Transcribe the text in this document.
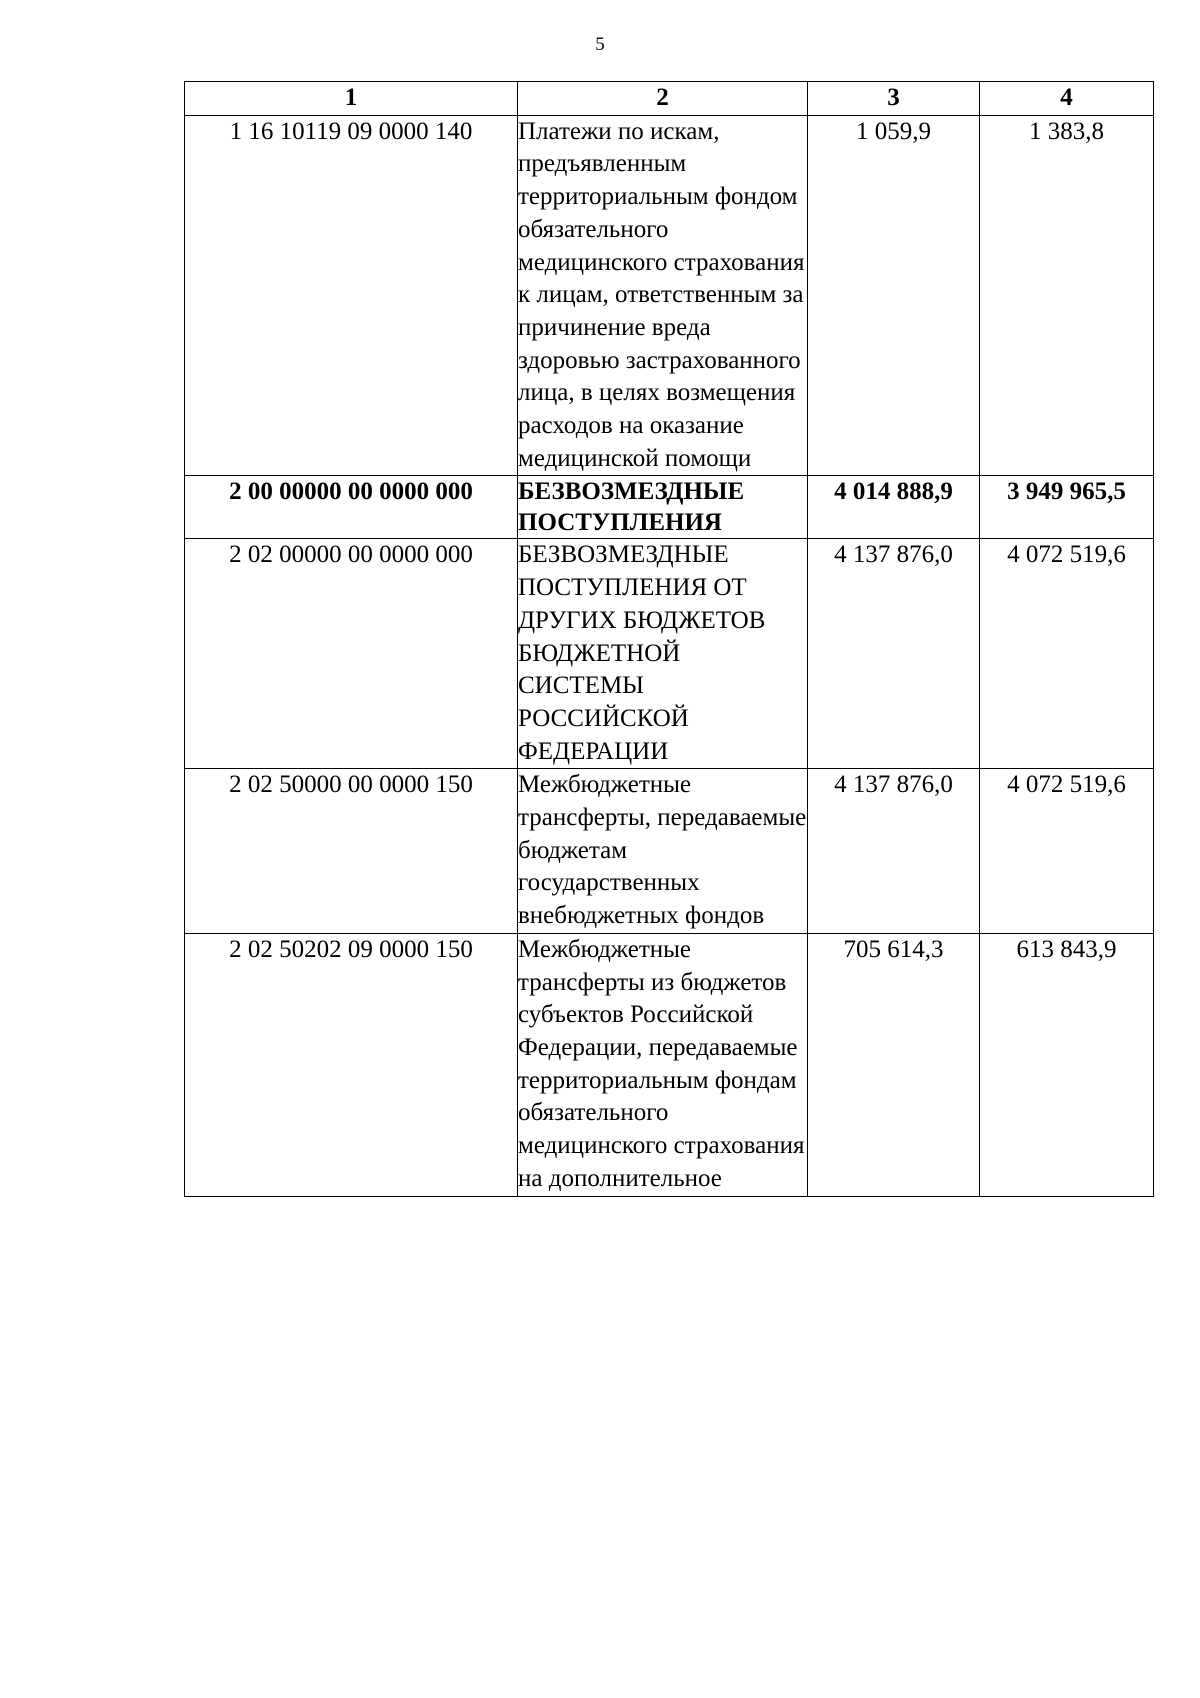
5
1	2	3	4
1 16 10119 09 0000 140	Платежи по искам, предъявленным территориальным фондом обязательного медицинского страхования к лицам, ответственным за причинение вреда здоровью застрахованного лица, в целях возмещения расходов на оказание медицинской помощи	1 059,9	1 383,8
2 00 00000 00 0000 000	БЕЗВОЗМЕЗДНЫЕ ПОСТУПЛЕНИЯ	4 014 888,9	3 949 965,5
2 02 00000 00 0000 000	БЕЗВОЗМЕЗДНЫЕ ПОСТУПЛЕНИЯ ОТ ДРУГИХ БЮДЖЕТОВ БЮДЖЕТНОЙ СИСТЕМЫ РОССИЙСКОЙ ФЕДЕРАЦИИ	4 137 876,0	4 072 519,6
2 02 50000 00 0000 150	Межбюджетные трансферты, передаваемые бюджетам государственных внебюджетных фондов	4 137 876,0	4 072 519,6
2 02 50202 09 0000 150	Межбюджетные трансферты из бюджетов субъектов Российской Федерации, передаваемые территориальным фондам обязательного медицинского страхования на дополнительное	705 614,3	613 843,9
